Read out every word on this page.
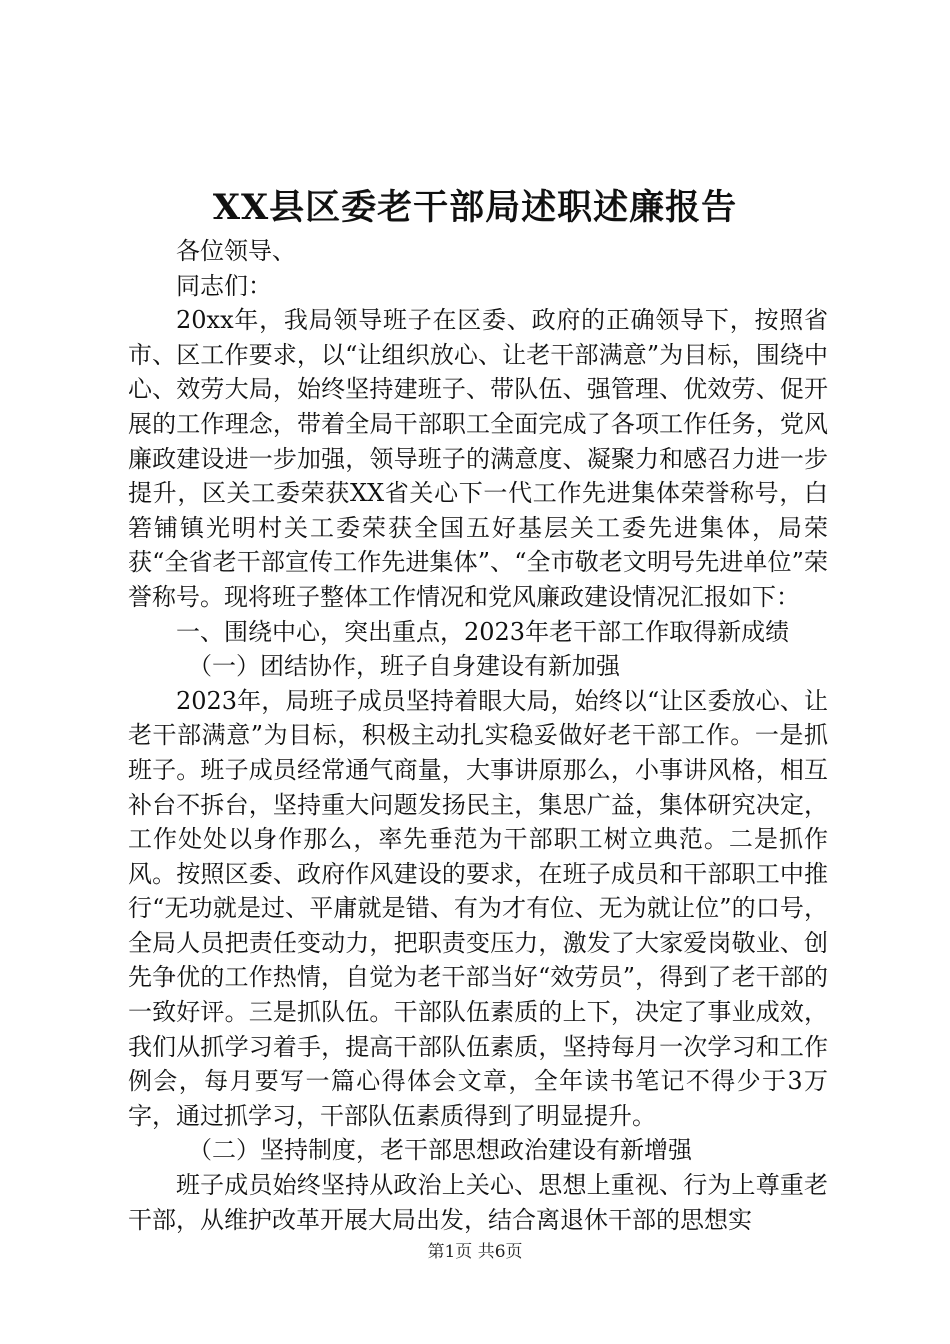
XX县区委老干部局述职述廉报告

各位领导、

同志们：

20xx年，我局领导班子在区委、政府的正确领导下，按照省市、区工作要求，以“让组织放心、让老干部满意”为目标，围绕中心、效劳大局，始终坚持建班子、带队伍、强管理、优效劳、促开展的工作理念，带着全局干部职工全面完成了各项工作任务，党风廉政建设进一步加强，领导班子的满意度、凝聚力和感召力进一步提升，区关工委荣获XX省关心下一代工作先进集体荣誉称号，白箬铺镇光明村关工委荣获全国五好基层关工委先进集体，局荣获“全省老干部宣传工作先进集体”、“全市敬老文明号先进单位”荣誉称号。现将班子整体工作情况和党风廉政建设情况汇报如下：

一、围绕中心，突出重点，2023年老干部工作取得新成绩

（一）团结协作，班子自身建设有新加强

2023年，局班子成员坚持着眼大局，始终以“让区委放心、让老干部满意”为目标，积极主动扎实稳妥做好老干部工作。一是抓班子。班子成员经常通气商量，大事讲原那么，小事讲风格，相互补台不拆台，坚持重大问题发扬民主，集思广益，集体研究决定，工作处处以身作那么，率先垂范为干部职工树立典范。二是抓作风。按照区委、政府作风建设的要求，在班子成员和干部职工中推行“无功就是过、平庸就是错、有为才有位、无为就让位”的口号，全局人员把责任变动力，把职责变压力，激发了大家爱岗敬业、创先争优的工作热情，自觉为老干部当好“效劳员”，得到了老干部的一致好评。三是抓队伍。干部队伍素质的上下，决定了事业成效，我们从抓学习着手，提高干部队伍素质，坚持每月一次学习和工作例会，每月要写一篇心得体会文章，全年读书笔记不得少于3万字，通过抓学习，干部队伍素质得到了明显提升。

（二）坚持制度，老干部思想政治建设有新增强

班子成员始终坚持从政治上关心、思想上重视、行为上尊重老干部，从维护改革开展大局出发，结合离退休干部的思想实

第1页 共6页
